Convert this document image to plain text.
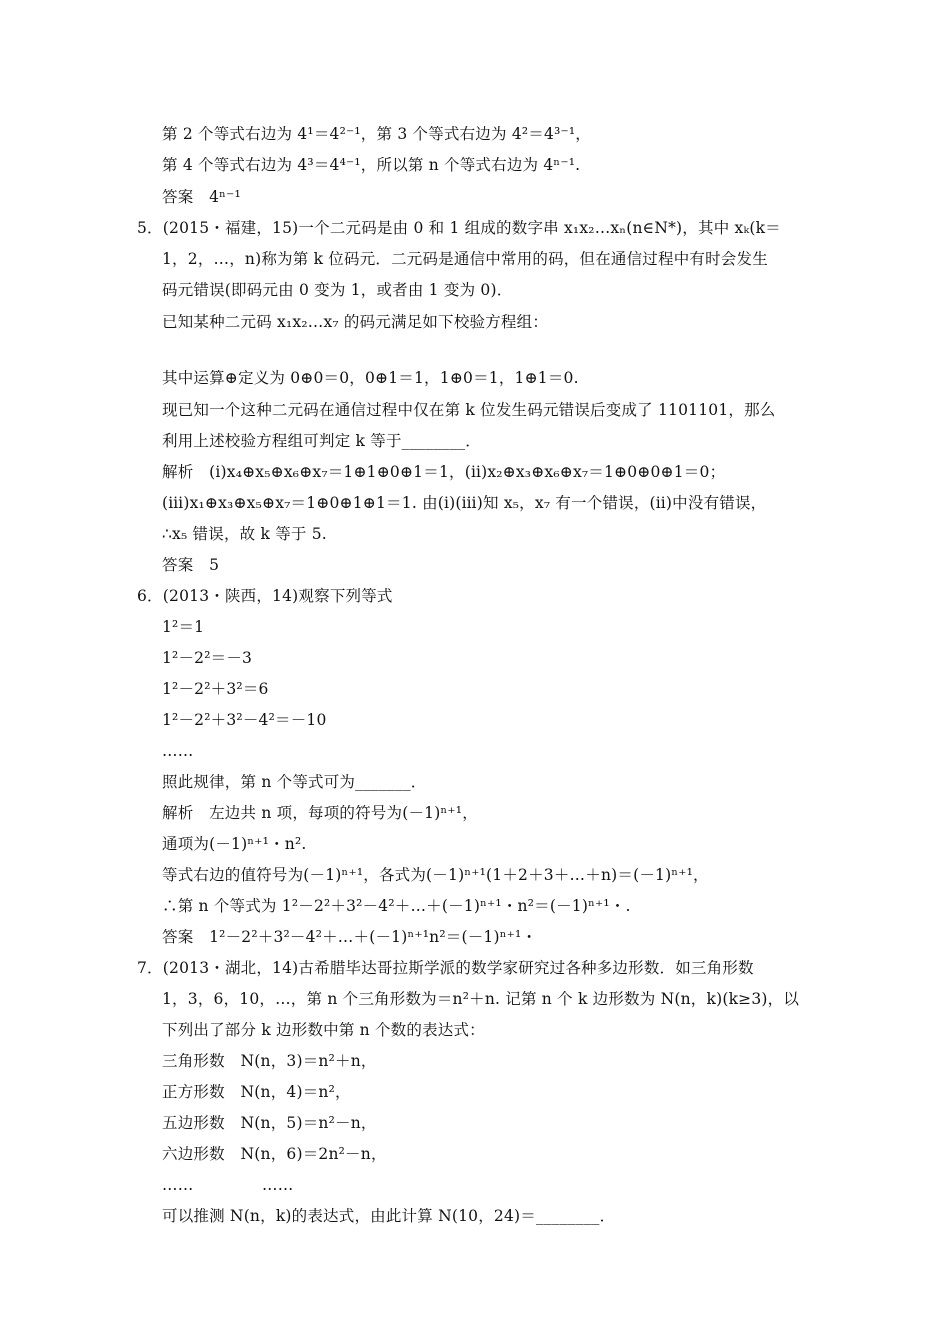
第 2 个等式右边为 4¹＝4²⁻¹，第 3 个等式右边为 4²＝4³⁻¹，
第 4 个等式右边为 4³＝4⁴⁻¹，所以第 n 个等式右边为 4ⁿ⁻¹.
答案　4ⁿ⁻¹
5．(2015・福建，15)一个二元码是由 0 和 1 组成的数字串 x₁x₂…xₙ(n∈N*)，其中 xₖ(k＝
1，2，…，n)称为第 k 位码元．二元码是通信中常用的码，但在通信过程中有时会发生
码元错误(即码元由 0 变为 1，或者由 1 变为 0)．
已知某种二元码 x₁x₂…x₇ 的码元满足如下校验方程组：
其中运算⊕定义为 0⊕0＝0，0⊕1＝1，1⊕0＝1，1⊕1＝0.
现已知一个这种二元码在通信过程中仅在第 k 位发生码元错误后变成了 1101101，那么
利用上述校验方程组可判定 k 等于________．
解析　(ⅰ)x₄⊕x₅⊕x₆⊕x₇＝1⊕1⊕0⊕1＝1，(ⅱ)x₂⊕x₃⊕x₆⊕x₇＝1⊕0⊕0⊕1＝0；
(ⅲ)x₁⊕x₃⊕x₅⊕x₇＝1⊕0⊕1⊕1＝1. 由(ⅰ)(ⅲ)知 x₅，x₇ 有一个错误，(ⅱ)中没有错误，
∴x₅ 错误，故 k 等于 5.
答案　5
6．(2013・陕西，14)观察下列等式
1²＝1
1²－2²＝－3
1²－2²＋3²＝6
1²－2²＋3²－4²＝－10
……
照此规律，第 n 个等式可为_______．
解析　左边共 n 项，每项的符号为(－1)ⁿ⁺¹，
通项为(－1)ⁿ⁺¹・n².
等式右边的值符号为(－1)ⁿ⁺¹，各式为(－1)ⁿ⁺¹(1＋2＋3＋…＋n)＝(－1)ⁿ⁺¹，
∴第 n 个等式为 1²－2²＋3²－4²＋…＋(－1)ⁿ⁺¹・n²＝(－1)ⁿ⁺¹・.
答案　1²－2²＋3²－4²＋…＋(－1)ⁿ⁺¹n²＝(－1)ⁿ⁺¹・
7．(2013・湖北，14)古希腊毕达哥拉斯学派的数学家研究过各种多边形数．如三角形数
1，3，6，10，…，第 n 个三角形数为＝n²＋n. 记第 n 个 k 边形数为 N(n，k)(k≥3)，以
下列出了部分 k 边形数中第 n 个数的表达式：
三角形数　N(n，3)＝n²＋n，
正方形数　N(n，4)＝n²，
五边形数　N(n，5)＝n²－n，
六边形数　N(n，6)＝2n²－n，
……	……
可以推测 N(n，k)的表达式，由此计算 N(10，24)＝________．
